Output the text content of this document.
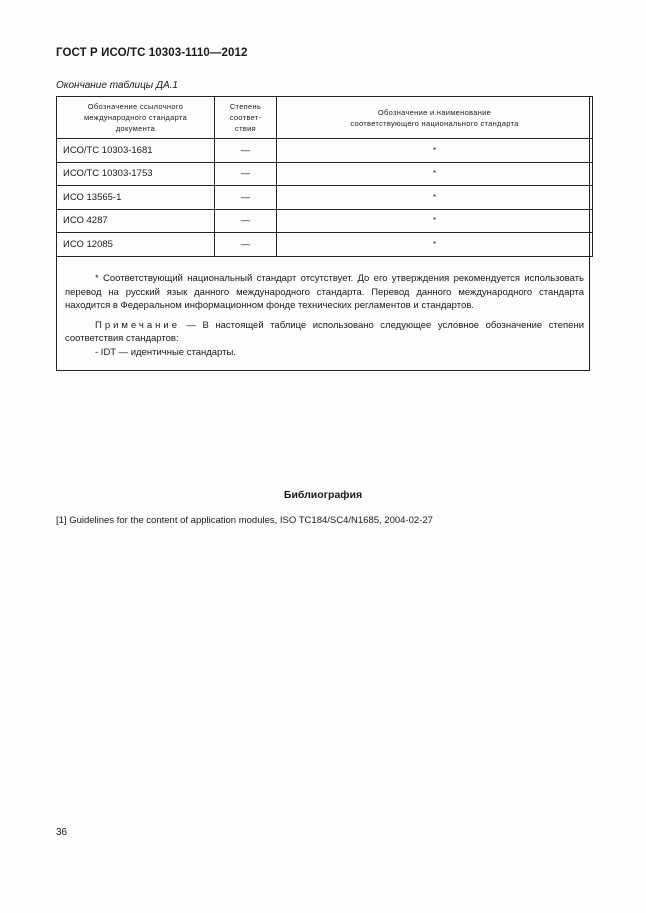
ГОСТ Р ИСО/ТС 10303-1110—2012
Окончание таблицы ДА.1
Обозначение ссылочного
международного стандарта
документа	Степень
соответ-
ствия	Обозначение и наименование
соответствующего национального стандарта

ИСО/ТС 10303-1681	—	*
ИСО/ТС 10303-1753	—	*
ИСО 13565-1	—	*
ИСО 4287	—	*
ИСО 12085	—	*

* Соответствующий национальный стандарт отсутствует. До его утверждения рекомендуется использовать перевод на русский язык данного международного стандарта. Перевод данного международного стандарта находится в Федеральном информационном фонде технических регламентов и стандартов.

Примечание — В настоящей таблице использовано следующее условное обозначение степени соответствия стандартов:

- IDT — идентичные стандарты.

Библиография
[1] Guidelines for the content of application modules, ISO TC184/SC4/N1685, 2004-02-27
36
